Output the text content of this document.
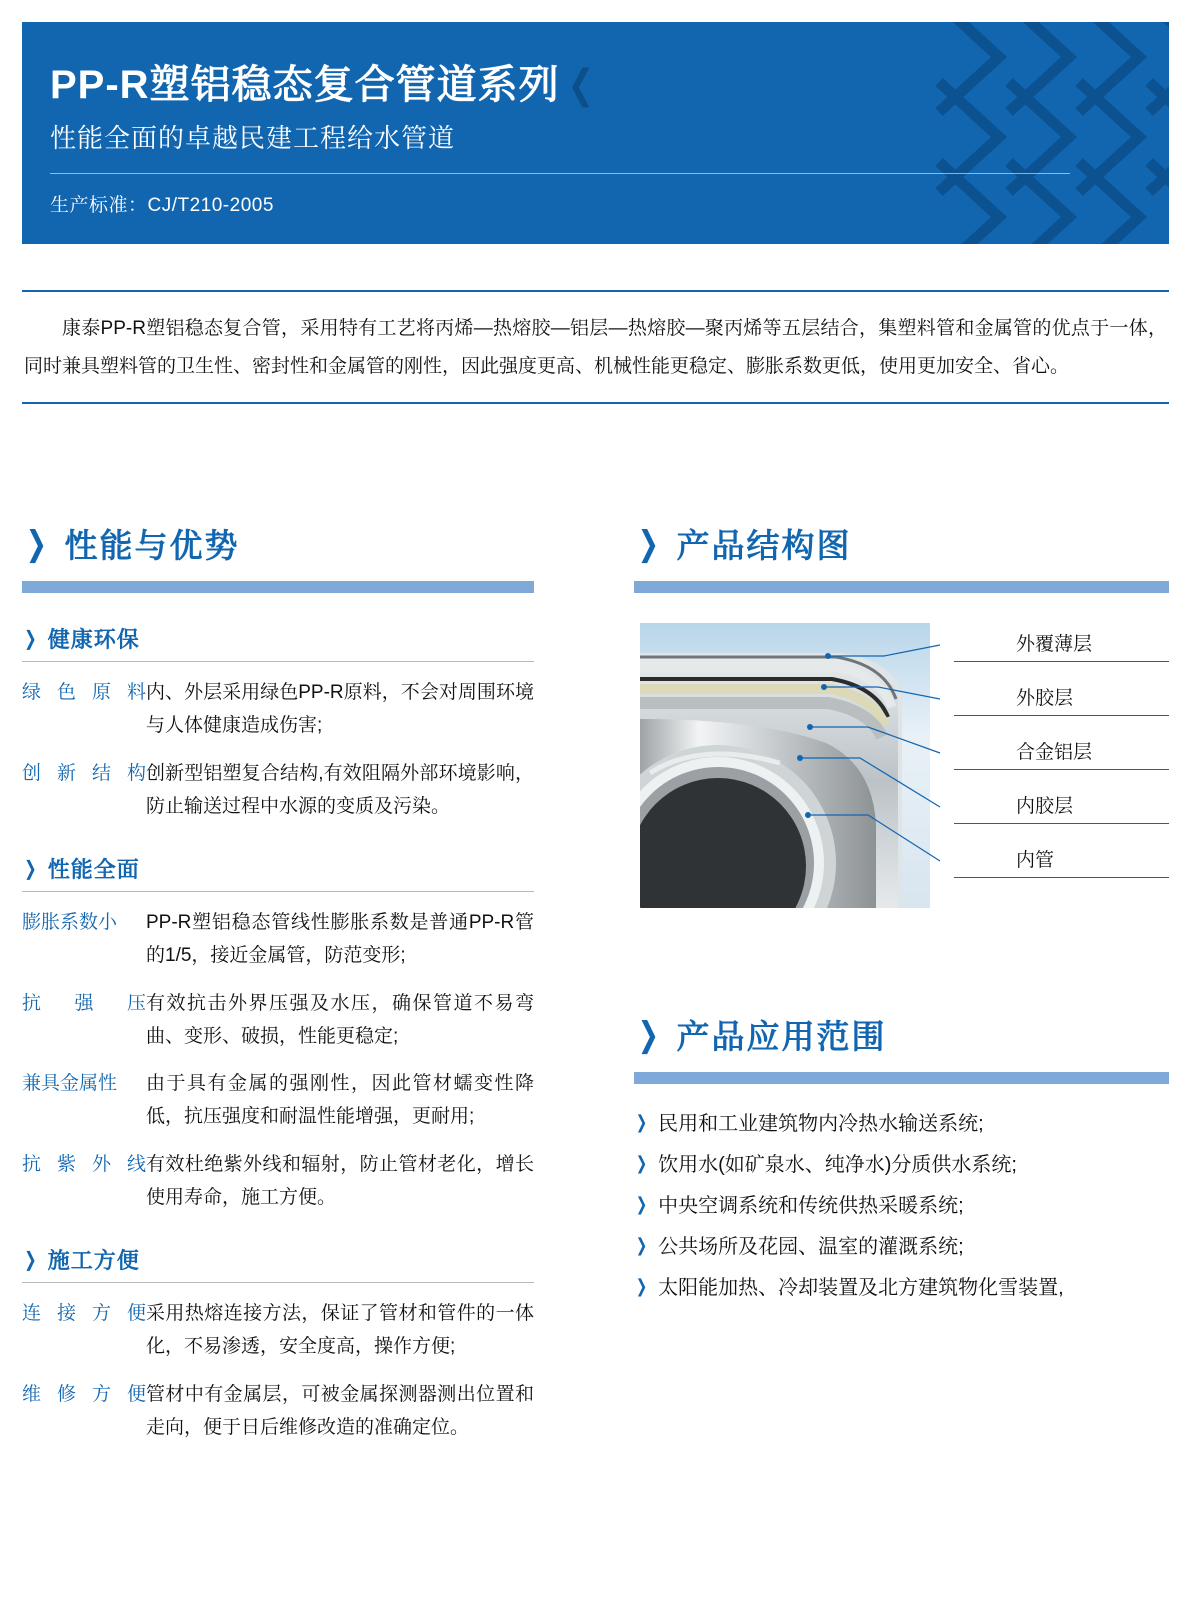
PP-R塑铝稳态复合管道系列 ❮
性能全面的卓越民建工程给水管道
生产标准：CJ/T210-2005
康泰PP-R塑铝稳态复合管，采用特有工艺将丙烯—热熔胶—铝层—热熔胶—聚丙烯等五层结合，集塑料管和金属管的优点于一体，同时兼具塑料管的卫生性、密封性和金属管的刚性，因此强度更高、机械性能更稳定、膨胀系数更低，使用更加安全、省心。
❯ 性能与优势
❯ 健康环保
绿 色 原 料 内、外层采用绿色PP-R原料，不会对周围环境与人体健康造成伤害;
创 新 结 构 创新型铝塑复合结构,有效阻隔外部环境影响，防止输送过程中水源的变质及污染。
❯ 性能全面
膨胀系数小	PP-R塑铝稳态管线性膨胀系数是普通PP-R管的1/5，接近金属管，防范变形;
抗 强 压 有效抗击外界压强及水压，确保管道不易弯曲、变形、破损，性能更稳定;
兼具金属性	由于具有金属的强刚性，因此管材蠕变性降低，抗压强度和耐温性能增强，更耐用;
抗 紫 外 线 有效杜绝紫外线和辐射，防止管材老化，增长使用寿命，施工方便。
❯ 施工方便
连 接 方 便 采用热熔连接方法，保证了管材和管件的一体化，不易渗透，安全度高，操作方便;
维 修 方 便 管材中有金属层，可被金属探测器测出位置和走向，便于日后维修改造的准确定位。
❯ 产品结构图
外覆薄层
外胶层
合金铝层
内胶层
内管
❯ 产品应用范围
❯ 民用和工业建筑物内冷热水输送系统;
❯ 饮用水(如矿泉水、纯净水)分质供水系统;
❯ 中央空调系统和传统供热采暖系统;
❯ 公共场所及花园、温室的灌溉系统;
❯ 太阳能加热、冷却装置及北方建筑物化雪装置,
